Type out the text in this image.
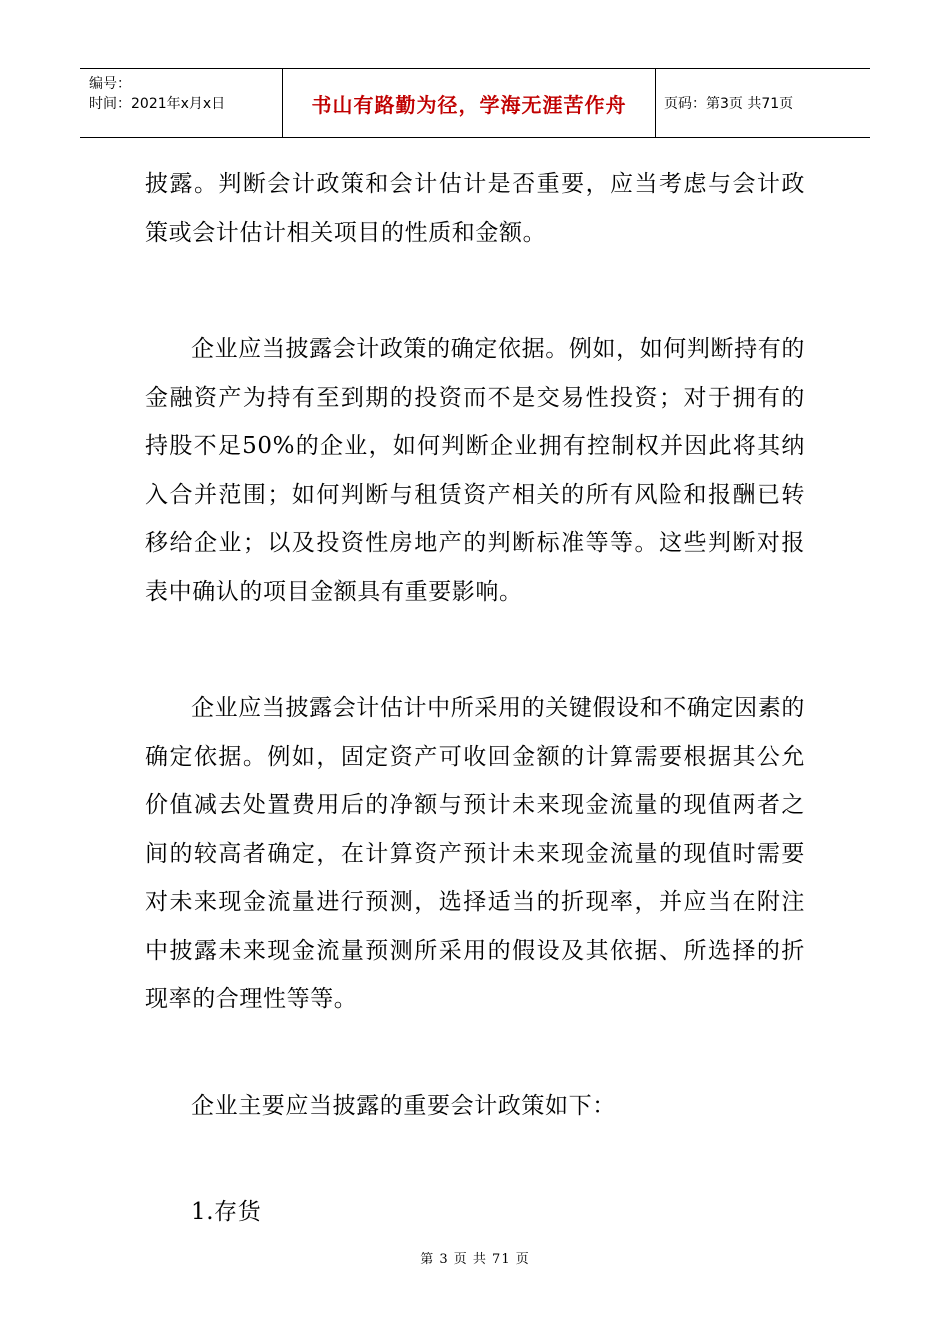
编号：
时间：2021年x月x日	书山有路勤为径，学海无涯苦作舟	页码：第3页 共71页

披露。判断会计政策和会计估计是否重要，应当考虑与会计政策或会计估计相关项目的性质和金额。

企业应当披露会计政策的确定依据。例如，如何判断持有的金融资产为持有至到期的投资而不是交易性投资；对于拥有的持股不足50%的企业，如何判断企业拥有控制权并因此将其纳入合并范围；如何判断与租赁资产相关的所有风险和报酬已转移给企业；以及投资性房地产的判断标准等等。这些判断对报表中确认的项目金额具有重要影响。

企业应当披露会计估计中所采用的关键假设和不确定因素的确定依据。例如，固定资产可收回金额的计算需要根据其公允价值减去处置费用后的净额与预计未来现金流量的现值两者之间的较高者确定，在计算资产预计未来现金流量的现值时需要对未来现金流量进行预测，选择适当的折现率，并应当在附注中披露未来现金流量预测所采用的假设及其依据、所选择的折现率的合理性等等。

企业主要应当披露的重要会计政策如下：

1.存货

第 3 页 共 71 页
